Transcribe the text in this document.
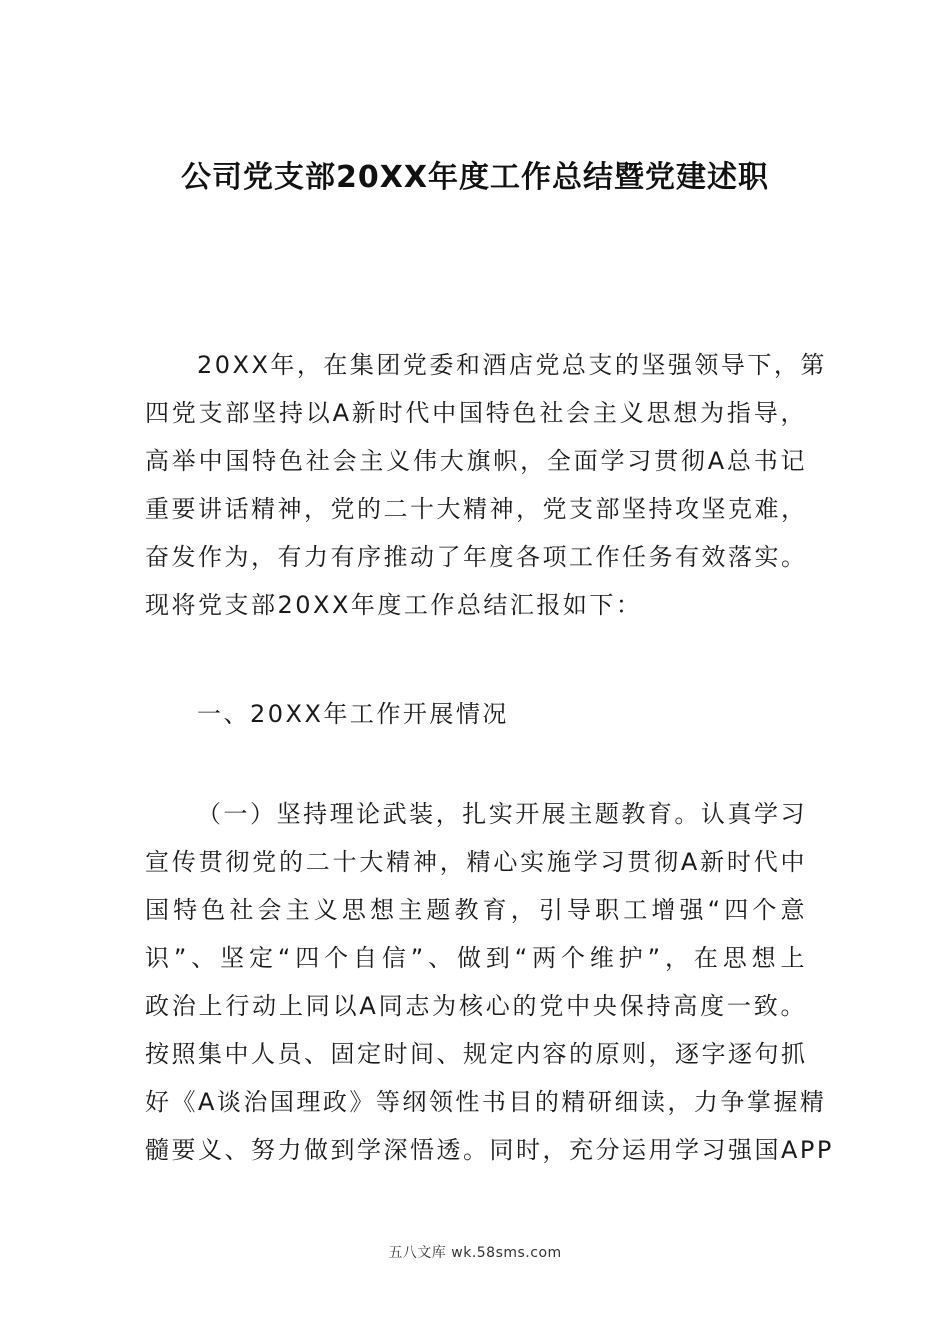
公司党支部20XX年度工作总结暨党建述职
20XX年，在集团党委和酒店党总支的坚强领导下，第
四党支部坚持以A新时代中国特色社会主义思想为指导，
高举中国特色社会主义伟大旗帜，全面学习贯彻A总书记
重要讲话精神，党的二十大精神，党支部坚持攻坚克难，
奋发作为，有力有序推动了年度各项工作任务有效落实。
现将党支部20XX年度工作总结汇报如下：

一、20XX年工作开展情况

（一）坚持理论武装，扎实开展主题教育。认真学习
宣传贯彻党的二十大精神，精心实施学习贯彻A新时代中
国特色社会主义思想主题教育，引导职工增强“四个意
识”、坚定“四个自信”、做到“两个维护”，在思想上
政治上行动上同以A同志为核心的党中央保持高度一致。
按照集中人员、固定时间、规定内容的原则，逐字逐句抓
好《A谈治国理政》等纲领性书目的精研细读，力争掌握精
髓要义、努力做到学深悟透。同时，充分运用学习强国APP
五八文库 wk.58sms.com
